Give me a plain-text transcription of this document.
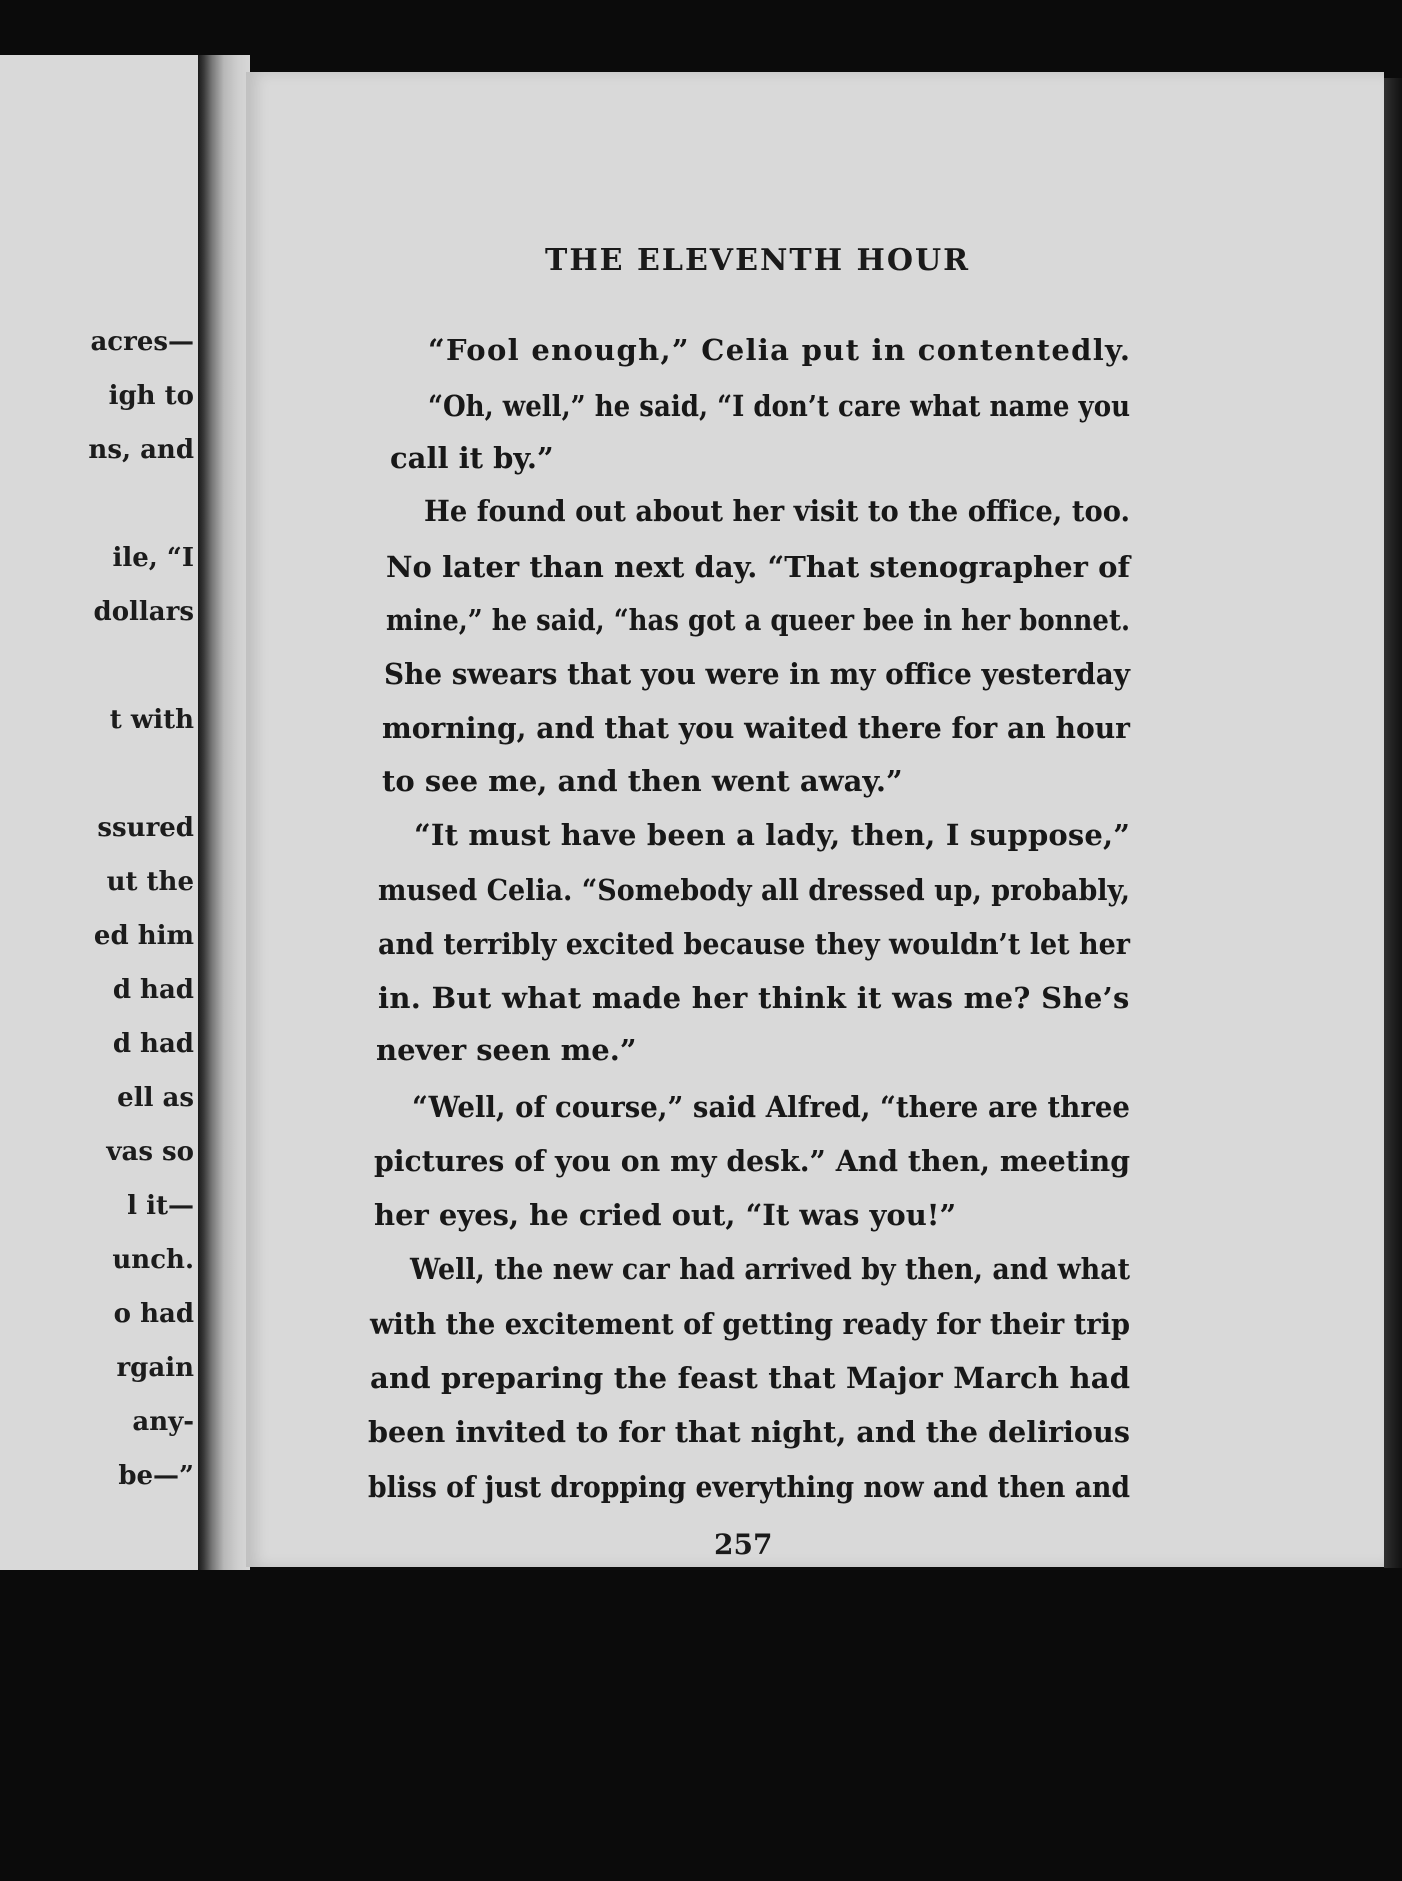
acres—
igh to
ns, and
ile, “I
dollars
t with
ssured
ut the
ed him
d had
d had
ell as
vas so
l it—
unch.
o had
rgain
any-
be—”
THE ELEVENTH HOUR
“Fool enough,” Celia put in contentedly.
“Oh, well,” he said, “I don’t care what name you
call it by.”
He found out about her visit to the office, too.
No later than next day. “That stenographer of
mine,” he said, “has got a queer bee in her bonnet.
She swears that you were in my office yesterday
morning, and that you waited there for an hour
to see me, and then went away.”
“It must have been a lady, then, I suppose,”
mused Celia. “Somebody all dressed up, probably,
and terribly excited because they wouldn’t let her
in. But what made her think it was me? She’s
never seen me.”
“Well, of course,” said Alfred, “there are three
pictures of you on my desk.” And then, meeting
her eyes, he cried out, “It was you!”
Well, the new car had arrived by then, and what
with the excitement of getting ready for their trip
and preparing the feast that Major March had
been invited to for that night, and the delirious
bliss of just dropping everything now and then and
257
